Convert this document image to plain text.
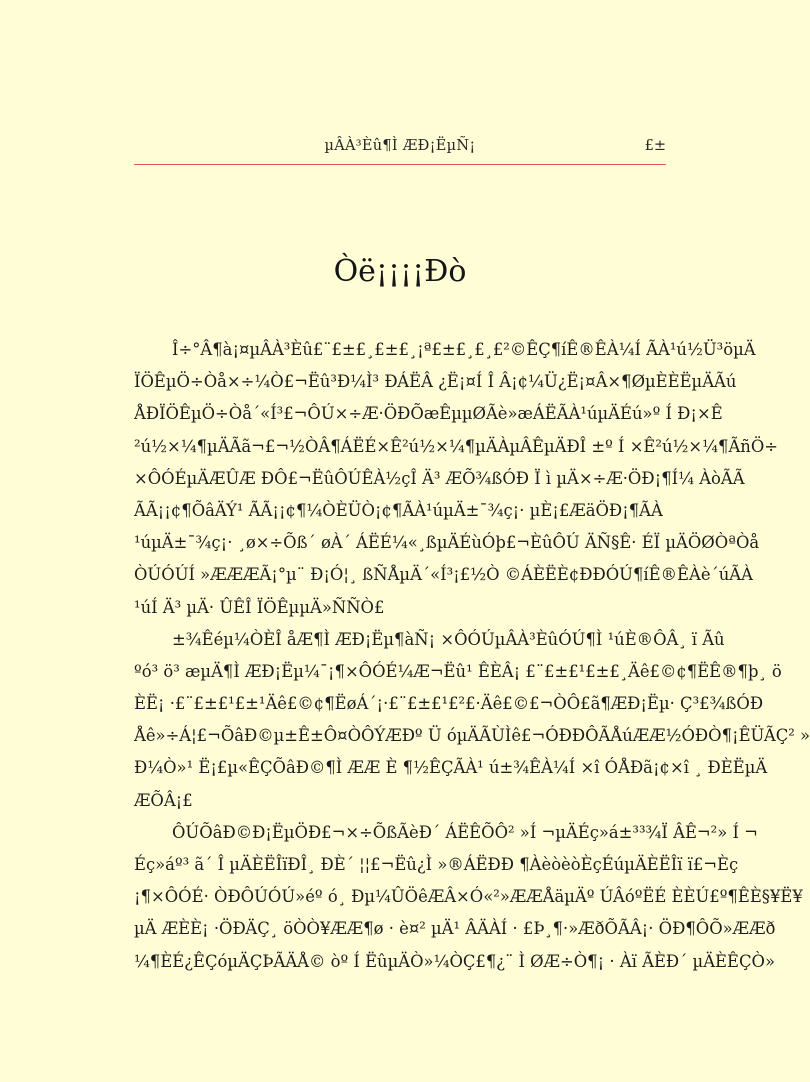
µÂÀ³Èû¶Ì ÆÐ¡ËµÑ¡	£±
Òë¡¡¡¡Ðò
Î÷°Â¶à¡¤µÂÀ³Èû£¨£±£¸£±£¸¡ª£±£¸£¸£²©ÊÇ¶íÊ®ÊÀ¼Í ÃÀ¹ú½Ü³öµÄ
ÏÖÊµÖ÷Òå×÷¼Ò£¬Ëû³Ð¼Ì³ ÐÁËÂ ¿Ë¡¤Í Î Â¡¢¼Ü¿Ë¡¤Â×¶ØµÈÈËµÄÃú
ÅÐÏÖÊµÖ÷Òå´«Í³£¬ÔÚ×÷Æ·ÖÐÕæÊµµØÃè»æÁËÃÀ¹úµÄÉú»º Í Ð¡×Ê
²ú½×¼¶µÄÃã¬£¬½ÒÂ¶ÁËÉ×Ê²ú½×¼¶µÄÀµÂÊµÄÐÎ ±º Í ×Ê²ú½×¼¶ÃñÖ÷
×ÔÓÉµÄÆÛÆ ÐÔ£¬ËûÔÚÊÀ½çÎ Ä³ ÆÕ¾ßÓÐ Ï ì µÄ×÷Æ·ÖÐ¡¶Í¼ ÀòÃÃ
ÃÃ¡¡¢¶ÕâÄÝ¹ ÃÃ¡¡¢¶¼ÒÈÜÒ¡¢¶ÃÀ¹úµÄ±¯¾ç¡· µÈ¡£ÆäÖÐ¡¶ÃÀ
¹úµÄ±¯¾ç¡· ¸ø×÷Õß´ øÀ´ ÁËÉ¼«¸ßµÄÉùÓþ£¬ÈûÔÚ ÄÑ§Ê· ÉÏ µÄÖØÒªÒå
ÒÚÓÚÍ »ÆÆÆÃ¡°µ¨ Ð¡Ó¦¸ ßÑÅµÄ´«Í³¡£½Ò ©ÁÈËÈ¢ÐÐÓÚ¶íÊ®ÊÀè´úÃÀ
¹úÍ Ä³ µÄ· ÛÊÎ ÏÖÊµµÄ»ÑÑÒ£
±¾Êéµ¼ÒÈÎ åÆ¶Ì ÆÐ¡Ëµ¶àÑ¡ ×ÔÓÚµÂÀ³ÈûÓÚ¶Ì ¹úÈ®ÔÂ¸ ï Ãû
ºó³ ö³ æµÄ¶Ì ÆÐ¡Ëµ¼¯¡¶×ÔÓÉ¼Æ¬Ëû¹ ÊÈÂ¡ £¨£±£¹£±£¸Äê£©¢¶ËÊ®¶þ¸ ö
ÈË¡ ·£¨£±£¹£±¹Äê£©¢¶ËøÁ´¡·£¨£±£¹£²£·Äê£©£¬ÒÔ£ã¶ÆÐ¡Ëµ· Ç³£¾ßÓÐ
Åê»÷Á¦£¬ÕâÐ©µ±Ê±Ô¤ÒÔÝÆÐº Ü óµÄÃÙÌê£¬ÓÐÐÔÃÅúÆÆ½ÓÐÒ¶¡ÊÜÃÇ² »
Ð¼Ò»¹ Ë¡£µ«ÊÇÕâÐ©¶Ì ÆÆ È ¶½ÊÇÃÀ¹ ú±¾ÊÀ¼Í ×î ÓÅÐã¡¢×î ¸ ÐÈËµÄ
ÆÕÂ¡£
ÔÚÕâÐ©Ð¡ËµÖÐ£¬×÷ÕßÃèÐ´ ÁËÊÕÔ² »Í ¬µÄÉç»á±³³¾Ï ÂÊ¬²» Í ¬
Éç»áº³ ã´ Î µÄÈËÎïÐÎ¸ ÐÈ´ ¦¦£¬Ëû¿Ì »®ÁËÐÐ ¶ÀèòèòÈçÉúµÄÈËÎï ï£¬Èç
¡¶×ÔÓÉ· ÒÐÔÚÓÚ»éº ó¸ Ðµ¼ÛÖêÆÂ×Ó«²»ÆÆÅäµÄº ÚÂóºËÉ ÈÈÚ£º¶ÊÈ§¥Ë¥
µÄ ÆÈÈ¡ ·ÖÐÄÇ¸ öÒÒ¥ÆÆ¶ø · è¤² µÄ¹ ÂÄÀÍ · £Þ¸¶·»ÆðÕÃÂ¡· ÖÐ¶ÔÕ»ÆÆð
¼¶ÈÉ¿ÊÇóµÄÇÞÃÄÅ© òº Í ËûµÄÒ»¼ÒÇ£¶¿¨ Ì ØÆ÷Ò¶¡ · Àï ÃÈÐ´ µÄÈÊÇÒ»
